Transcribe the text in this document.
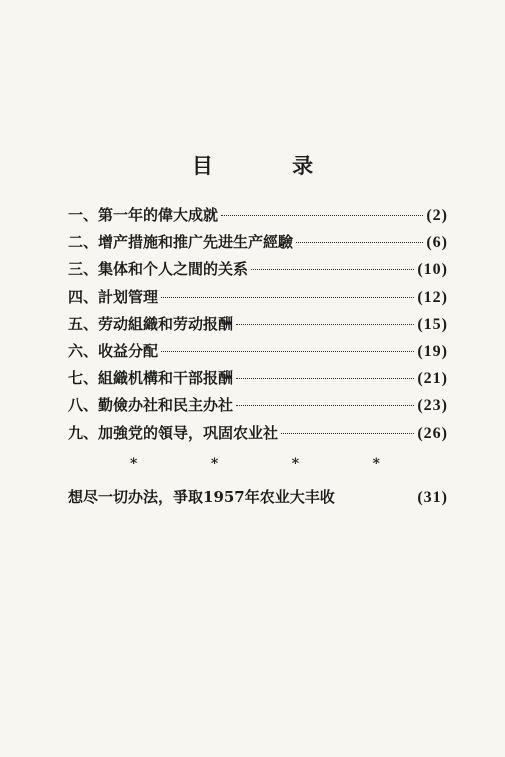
目 录
一、 第一年的偉大成就	(2)
二、 增产措施和推广先进生产經驗	(6)
三、 集体和个人之間的关系	(10)
四、 計划管理	(12)
五、 劳动組織和劳动报酬	(15)
六、 收益分配	(19)
七、 組織机構和干部报酬	(21)
八、 勤儉办社和民主办社	(23)
九、 加強党的領导，巩固农业社	(26)
*	*	*	*
想尽一切办法，爭取1957年农业大丰收	(31)
